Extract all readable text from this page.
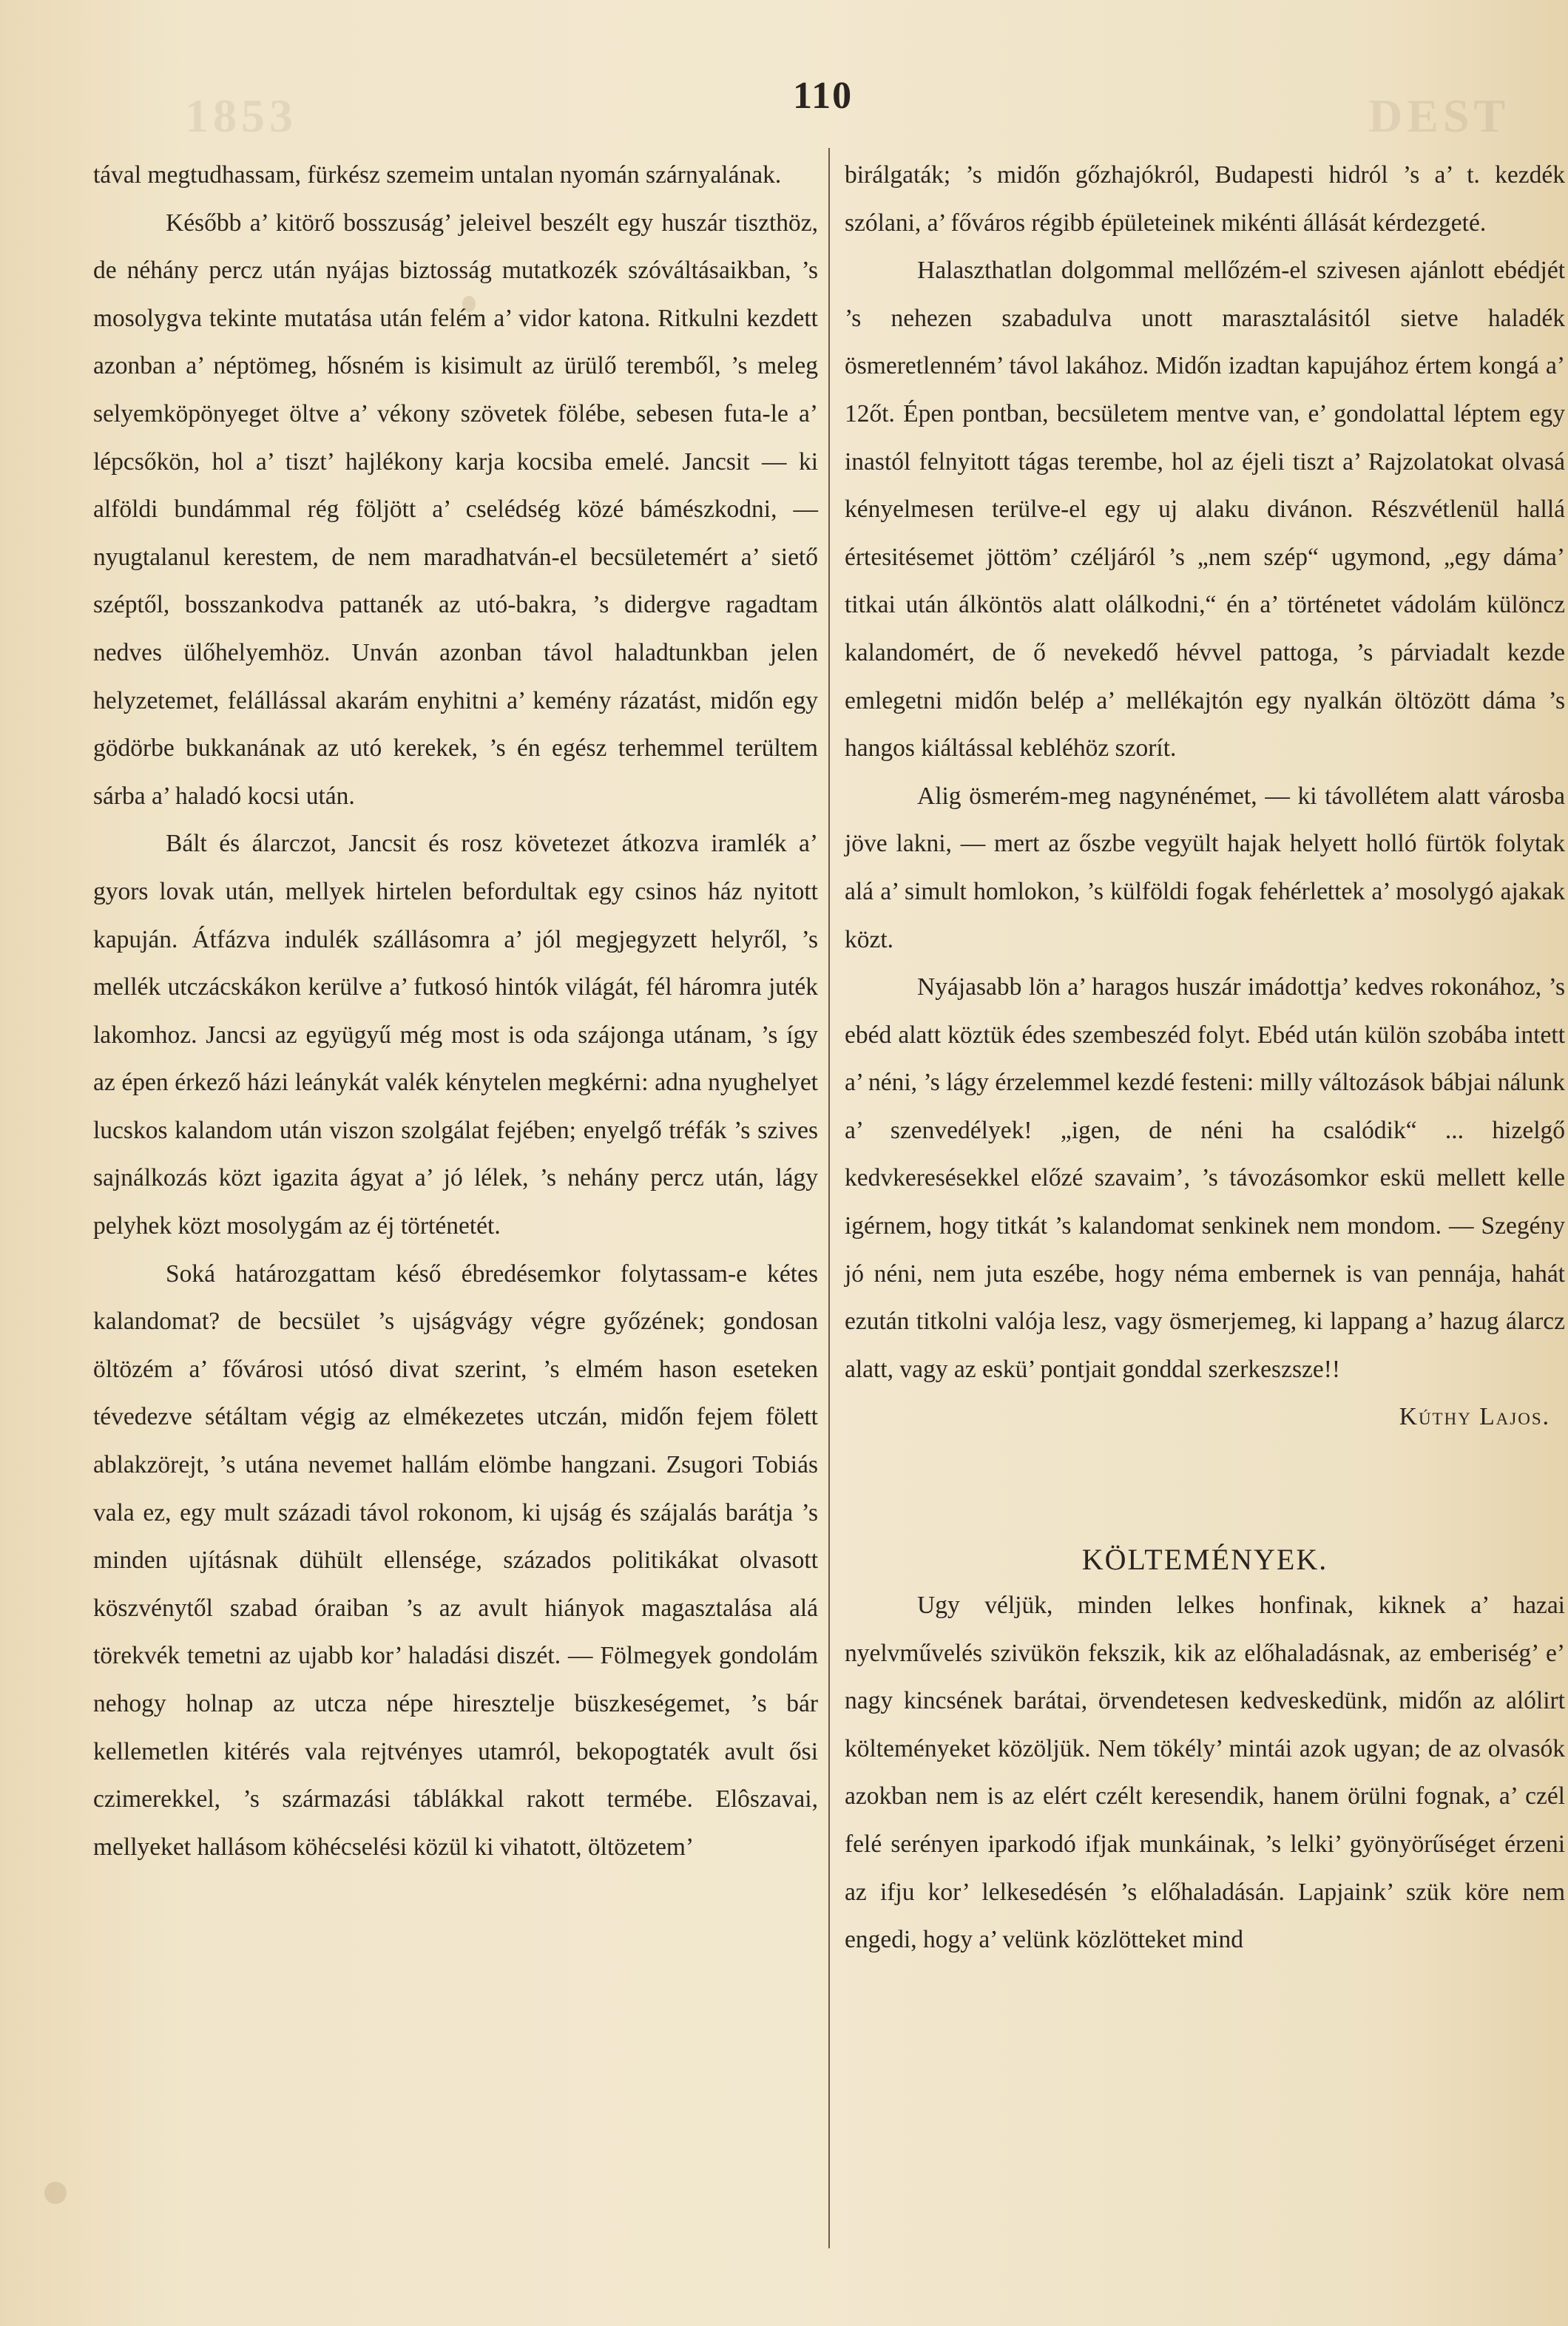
1853	DEST
110

tával megtudhassam, fürkész szemeim untalan nyomán szárnyalának.

Később a’ kitörő bosszuság’ jeleivel beszélt egy huszár tiszthöz, de néhány percz után nyájas biztosság mutatkozék szóváltásaikban, ’s mosolygva tekinte mutatása után felém a’ vidor katona. Ritkulni kezdett azonban a’ néptömeg, hősném is kisimult az ürülő teremből, ’s meleg selyemköpönyeget öltve a’ vékony szövetek fölébe, sebesen futa-le a’ lépcsőkön, hol a’ tiszt’ hajlékony karja kocsiba emelé. Jancsit — ki alföldi bundámmal rég följött a’ cselédség közé bámészkodni, — nyugtalanul kerestem, de nem maradhatván-el becsületemért a’ siető széptől, bosszankodva pattanék az utó-bakra, ’s didergve ragadtam nedves ülőhelyemhöz. Unván azonban távol haladtunkban jelen helyzetemet, felállással akarám enyhitni a’ kemény rázatást, midőn egy gödörbe bukkanának az utó kerekek, ’s én egész terhemmel terültem sárba a’ haladó kocsi után.

Bált és álarczot, Jancsit és rosz követezet átkozva iramlék a’ gyors lovak után, mellyek hirtelen befordultak egy csinos ház nyitott kapuján. Átfázva indulék szállásomra a’ jól megjegyzett helyről, ’s mellék utczácskákon kerülve a’ futkosó hintók világát, fél háromra juték lakomhoz. Jancsi az együgyű még most is oda szájonga utánam, ’s így az épen érkező házi leánykát valék kénytelen megkérni: adna nyughelyet lucskos kalandom után viszon szolgálat fejében; enyelgő tréfák ’s szives sajnálkozás közt igazita ágyat a’ jó lélek, ’s nehány percz után, lágy pelyhek közt mosolygám az éj történetét.

Soká határozgattam késő ébredésemkor folytassam-e kétes kalandomat? de becsület ’s ujságvágy végre győzének; gondosan öltözém a’ fővárosi utósó divat szerint, ’s elmém hason eseteken tévedezve sétáltam végig az elmékezetes utczán, midőn fejem fölett ablakzörejt, ’s utána nevemet hallám elömbe hangzani. Zsugori Tobiás vala ez, egy mult századi távol rokonom, ki ujság és szájalás barátja ’s minden ujításnak dühült ellensége, százados politikákat olvasott köszvénytől szabad óraiban ’s az avult hiányok magasztalása alá törekvék temetni az ujabb kor’ haladási diszét. — Fölmegyek gondolám nehogy holnap az utcza népe hiresztelje büszkeségemet, ’s bár kellemetlen kitérés vala rejtvényes utamról, bekopogtaték avult ősi czimerekkel, ’s származási táblákkal rakott termébe. Elôszavai, mellyeket hallásom köhécselési közül ki vihatott, öltözetem’

birálgaták; ’s midőn gőzhajókról, Budapesti hidról ’s a’ t. kezdék szólani, a’ főváros régibb épületeinek mikénti állását kérdezgeté.

Halaszthatlan dolgommal mellőzém-el szivesen ajánlott ebédjét ’s nehezen szabadulva unott marasztalásitól sietve haladék ösmeretlenném’ távol lakához. Midőn izadtan kapujához értem kongá a’ 12őt. Épen pontban, becsületem mentve van, e’ gondolattal léptem egy inastól felnyitott tágas terembe, hol az éjeli tiszt a’ Rajzolatokat olvasá kényelmesen terülve-el egy uj alaku divánon. Részvétlenül hallá értesitésemet jöttöm’ czéljáról ’s „nem szép“ ugymond, „egy dáma’ titkai után álköntös alatt olálkodni,“ én a’ történetet vádolám különcz kalandomért, de ő nevekedő hévvel pattoga, ’s párviadalt kezde emlegetni midőn belép a’ mellékajtón egy nyalkán öltözött dáma ’s hangos kiáltással kebléhöz szorít.

Alig ösmerém-meg nagynénémet, — ki távollétem alatt városba jöve lakni, — mert az őszbe vegyült hajak helyett holló fürtök folytak alá a’ simult homlokon, ’s külföldi fogak fehérlettek a’ mosolygó ajakak közt.

Nyájasabb lön a’ haragos huszár imádottja’ kedves rokonához, ’s ebéd alatt köztük édes szembeszéd folyt. Ebéd után külön szobába intett a’ néni, ’s lágy érzelemmel kezdé festeni: milly változások bábjai nálunk a’ szenvedélyek! „igen, de néni ha csalódik“ ... hizelgő kedvkeresésekkel előzé szavaim’, ’s távozásomkor eskü mellett kelle igérnem, hogy titkát ’s kalandomat senkinek nem mondom. — Szegény jó néni, nem juta eszébe, hogy néma embernek is van pennája, hahát ezután titkolni valója lesz, vagy ösmerjemeg, ki lappang a’ hazug álarcz alatt, vagy az eskü’ pontjait gonddal szerkeszsze!!

Kúthy Lajos.

KÖLTEMÉNYEK.

Ugy véljük, minden lelkes honfinak, kiknek a’ hazai nyelvművelés szivükön fekszik, kik az előhaladásnak, az emberiség’ e’ nagy kincsének barátai, örvendetesen kedveskedünk, midőn az alólirt költeményeket közöljük. Nem tökély’ mintái azok ugyan; de az olvasók azokban nem is az elért czélt keresendik, hanem örülni fognak, a’ czél felé serényen iparkodó ifjak munkáinak, ’s lelki’ gyönyörűséget érzeni az ifju kor’ lelkesedésén ’s előhaladásán. Lapjaink’ szük köre nem engedi, hogy a’ velünk közlötteket mind
